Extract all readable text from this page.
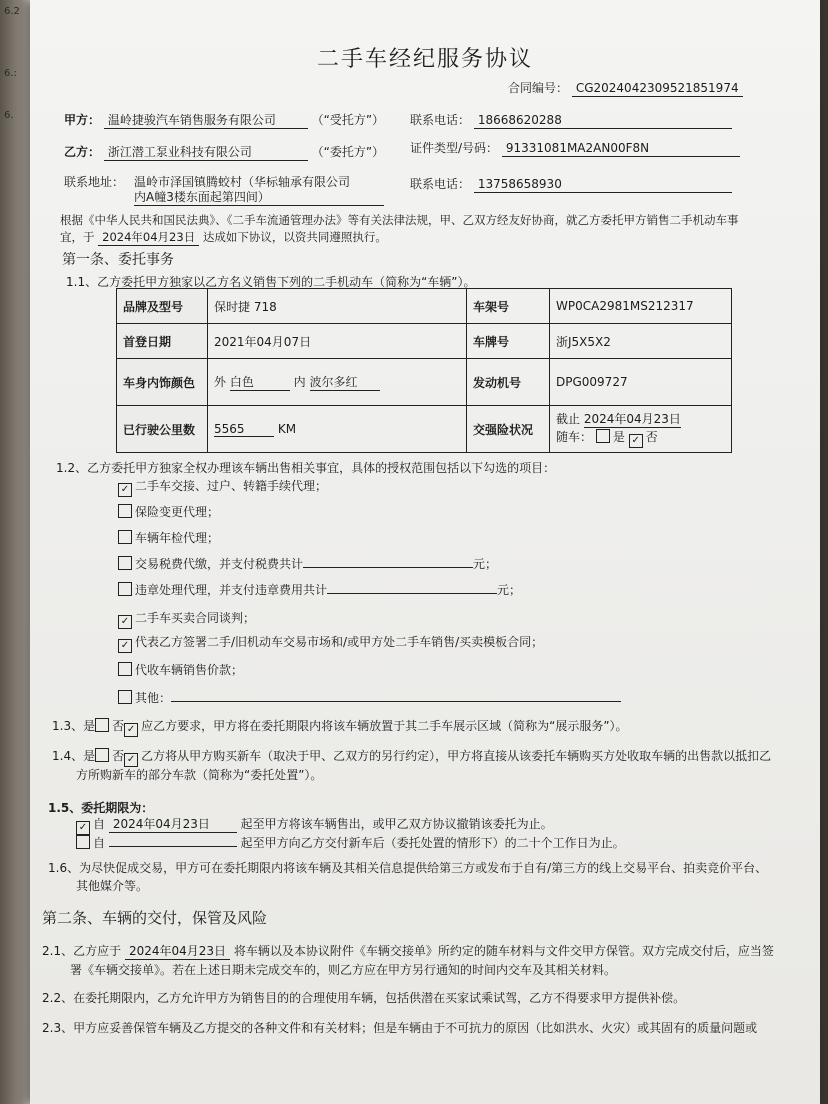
6.2
6.:
6.
二手车经纪服务协议
合同编号： CG2024042309521851974
甲方： 温岭捷骏汽车销售服务有限公司	（“受托方”） 联系电话： 18668620288
乙方： 浙江潜工泵业科技有限公司	（“委托方”） 证件类型/号码： 91331081MA2AN00F8N
联系地址： 温岭市泽国镇腾蛟村（华标轴承有限公司
内A幢3楼东面起第四间）
联系电话： 13758658930
根据《中华人民共和国民法典》、《二手车流通管理办法》等有关法律法规，甲、乙双方经友好协商，就乙方委托甲方销售二手机动车事
宜，于 2024年04月23日 达成如下协议，以资共同遵照执行。
第一条、委托事务
1.1、乙方委托甲方独家以乙方名义销售下列的二手机动车（简称为“车辆”）。
品牌及型号	保时捷 718	车架号	WP0CA2981MS212317
首登日期	2021年04月07日	车牌号	浙J5X5X2
车身内饰颜色	外 白色 内 波尔多红	发动机号	DPG009727
已行驶公里数	5565 KM	交强险状况	截止 2024年04月23日
随车： 是 ✓ 否
1.2、乙方委托甲方独家全权办理该车辆出售相关事宜，具体的授权范围包括以下勾选的项目：
✓ 二手车交接、过户、转籍手续代理；
保险变更代理；
车辆年检代理；
交易税费代缴，并支付税费共计	元；
违章处理代理，并支付违章费用共计	元；
✓ 二手车买卖合同谈判；
✓ 代表乙方签署二手/旧机动车交易市场和/或甲方处二手车销售/买卖模板合同；
代收车辆销售价款；
其他：
1.3、是 否 ✓ 应乙方要求，甲方将在委托期限内将该车辆放置于其二手车展示区域（简称为“展示服务”）。
1.4、是 否 ✓ 乙方将从甲方购买新车（取决于甲、乙双方的另行约定），甲方将直接从该委托车辆购买方处收取车辆的出售款以抵扣乙
方所购新车的部分车款（简称为“委托处置”）。
1.5、委托期限为：
✓ 自 2024年04月23日	起至甲方将该车辆售出，或甲乙双方协议撤销该委托为止。
自	起至甲方向乙方交付新车后（委托处置的情形下）的二十个工作日为止。
1.6、为尽快促成交易，甲方可在委托期限内将该车辆及其相关信息提供给第三方或发布于自有/第三方的线上交易平台、拍卖竞价平台、
其他媒介等。
第二条、车辆的交付，保管及风险
2.1、乙方应于 2024年04月23日 将车辆以及本协议附件《车辆交接单》所约定的随车材料与文件交甲方保管。双方完成交付后，应当签
署《车辆交接单》。若在上述日期未完成交车的，则乙方应在甲方另行通知的时间内交车及其相关材料。
2.2、在委托期限内，乙方允许甲方为销售目的的合理使用车辆，包括供潜在买家试乘试驾，乙方不得要求甲方提供补偿。
2.3、甲方应妥善保管车辆及乙方提交的各种文件和有关材料；但是车辆由于不可抗力的原因（比如洪水、火灾）或其固有的质量问题或
